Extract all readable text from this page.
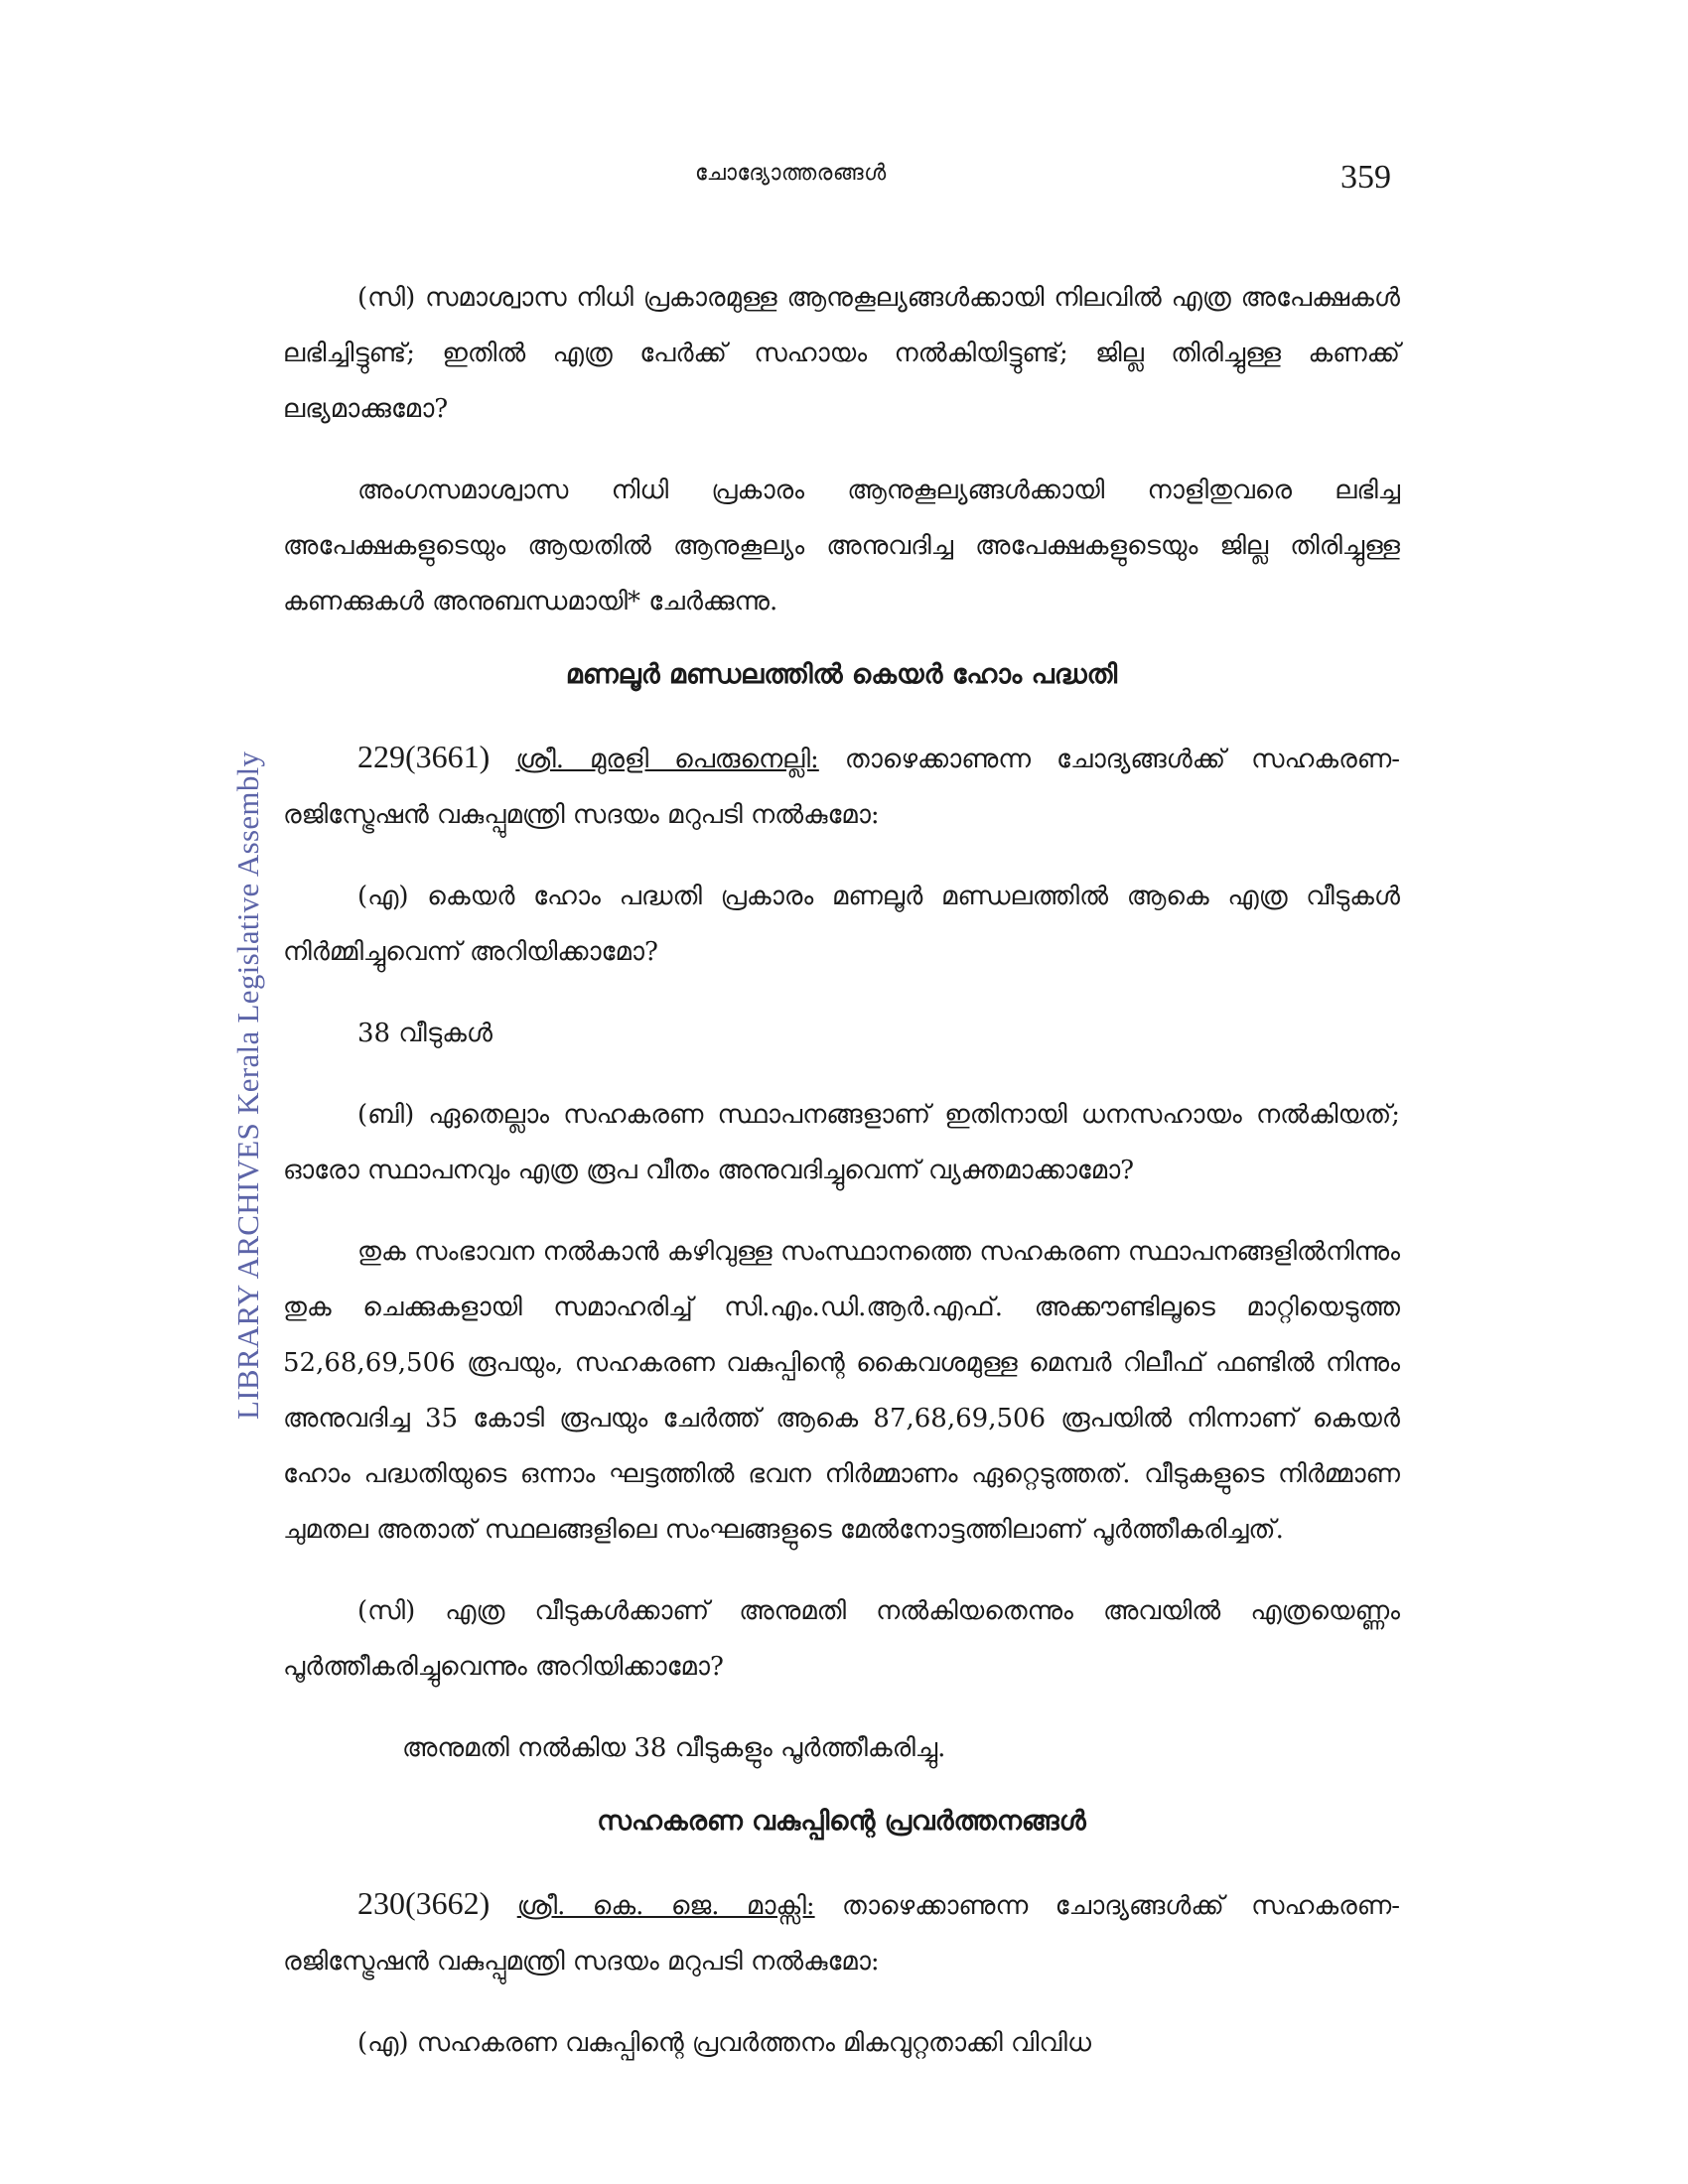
ചോദ്യോത്തരങ്ങൾ	359
LIBRARY ARCHIVES Kerala Legislative Assembly

(സി) സമാശ്വാസ നിധി പ്രകാരമുള്ള ആനുകൂല്യങ്ങൾക്കായി നിലവിൽ എത്ര അപേക്ഷകൾ ലഭിച്ചിട്ടുണ്ട്; ഇതിൽ എത്ര പേർക്ക് സഹായം നൽകിയിട്ടുണ്ട്; ജില്ല തിരിച്ചുള്ള കണക്ക് ലഭ്യമാക്കുമോ?

അംഗസമാശ്വാസ നിധി പ്രകാരം ആനുകൂല്യങ്ങൾക്കായി നാളിതുവരെ ലഭിച്ച അപേക്ഷകളുടെയും ആയതിൽ ആനുകൂല്യം അനുവദിച്ച അപേക്ഷകളുടെയും ജില്ല തിരിച്ചുള്ള കണക്കുകൾ അനുബന്ധമായി* ചേർക്കുന്നു.

മണലൂർ മണ്ഡലത്തിൽ കെയർ ഹോം പദ്ധതി

229(3661) ശ്രീ. മുരളി പെരുനെല്ലി: താഴെക്കാണുന്ന ചോദ്യങ്ങൾക്ക് സഹകരണ-രജിസ്ട്രേഷൻ വകുപ്പുമന്ത്രി സദയം മറുപടി നൽകുമോ:

(എ) കെയർ ഹോം പദ്ധതി പ്രകാരം മണലൂർ മണ്ഡലത്തിൽ ആകെ എത്ര വീടുകൾ നിർമ്മിച്ചുവെന്ന് അറിയിക്കാമോ?

38 വീടുകൾ

(ബി) ഏതെല്ലാം സഹകരണ സ്ഥാപനങ്ങളാണ് ഇതിനായി ധനസഹായം നൽകിയത്; ഓരോ സ്ഥാപനവും എത്ര രൂപ വീതം അനുവദിച്ചുവെന്ന് വ്യക്തമാക്കാമോ?

തുക സംഭാവന നൽകാൻ കഴിവുള്ള സംസ്ഥാനത്തെ സഹകരണ സ്ഥാപനങ്ങളിൽനിന്നും തുക ചെക്കുകളായി സമാഹരിച്ച് സി.എം.ഡി.ആർ.എഫ്. അക്കൗണ്ടിലൂടെ മാറ്റിയെടുത്ത 52,68,69,506 രൂപയും, സഹകരണ വകുപ്പിന്റെ കൈവശമുള്ള മെമ്പർ റിലീഫ് ഫണ്ടിൽ നിന്നും അനുവദിച്ച 35 കോടി രൂപയും ചേർത്ത് ആകെ 87,68,69,506 രൂപയിൽ നിന്നാണ് കെയർ ഹോം പദ്ധതിയുടെ ഒന്നാം ഘട്ടത്തിൽ ഭവന നിർമ്മാണം ഏറ്റെടുത്തത്. വീടുകളുടെ നിർമ്മാണ ചുമതല അതാത് സ്ഥലങ്ങളിലെ സംഘങ്ങളുടെ മേൽനോട്ടത്തിലാണ് പൂർത്തീകരിച്ചത്.

(സി) എത്ര വീടുകൾക്കാണ് അനുമതി നൽകിയതെന്നും അവയിൽ എത്രയെണ്ണം പൂർത്തീകരിച്ചുവെന്നും അറിയിക്കാമോ?

അനുമതി നൽകിയ 38 വീടുകളും പൂർത്തീകരിച്ചു.

സഹകരണ വകുപ്പിന്റെ പ്രവർത്തനങ്ങൾ

230(3662) ശ്രീ. കെ. ജെ. മാക്സി: താഴെക്കാണുന്ന ചോദ്യങ്ങൾക്ക് സഹകരണ-രജിസ്ട്രേഷൻ വകുപ്പുമന്ത്രി സദയം മറുപടി നൽകുമോ:

(എ) സഹകരണ വകുപ്പിന്റെ പ്രവർത്തനം മികവുറ്റതാക്കി വിവിധ
